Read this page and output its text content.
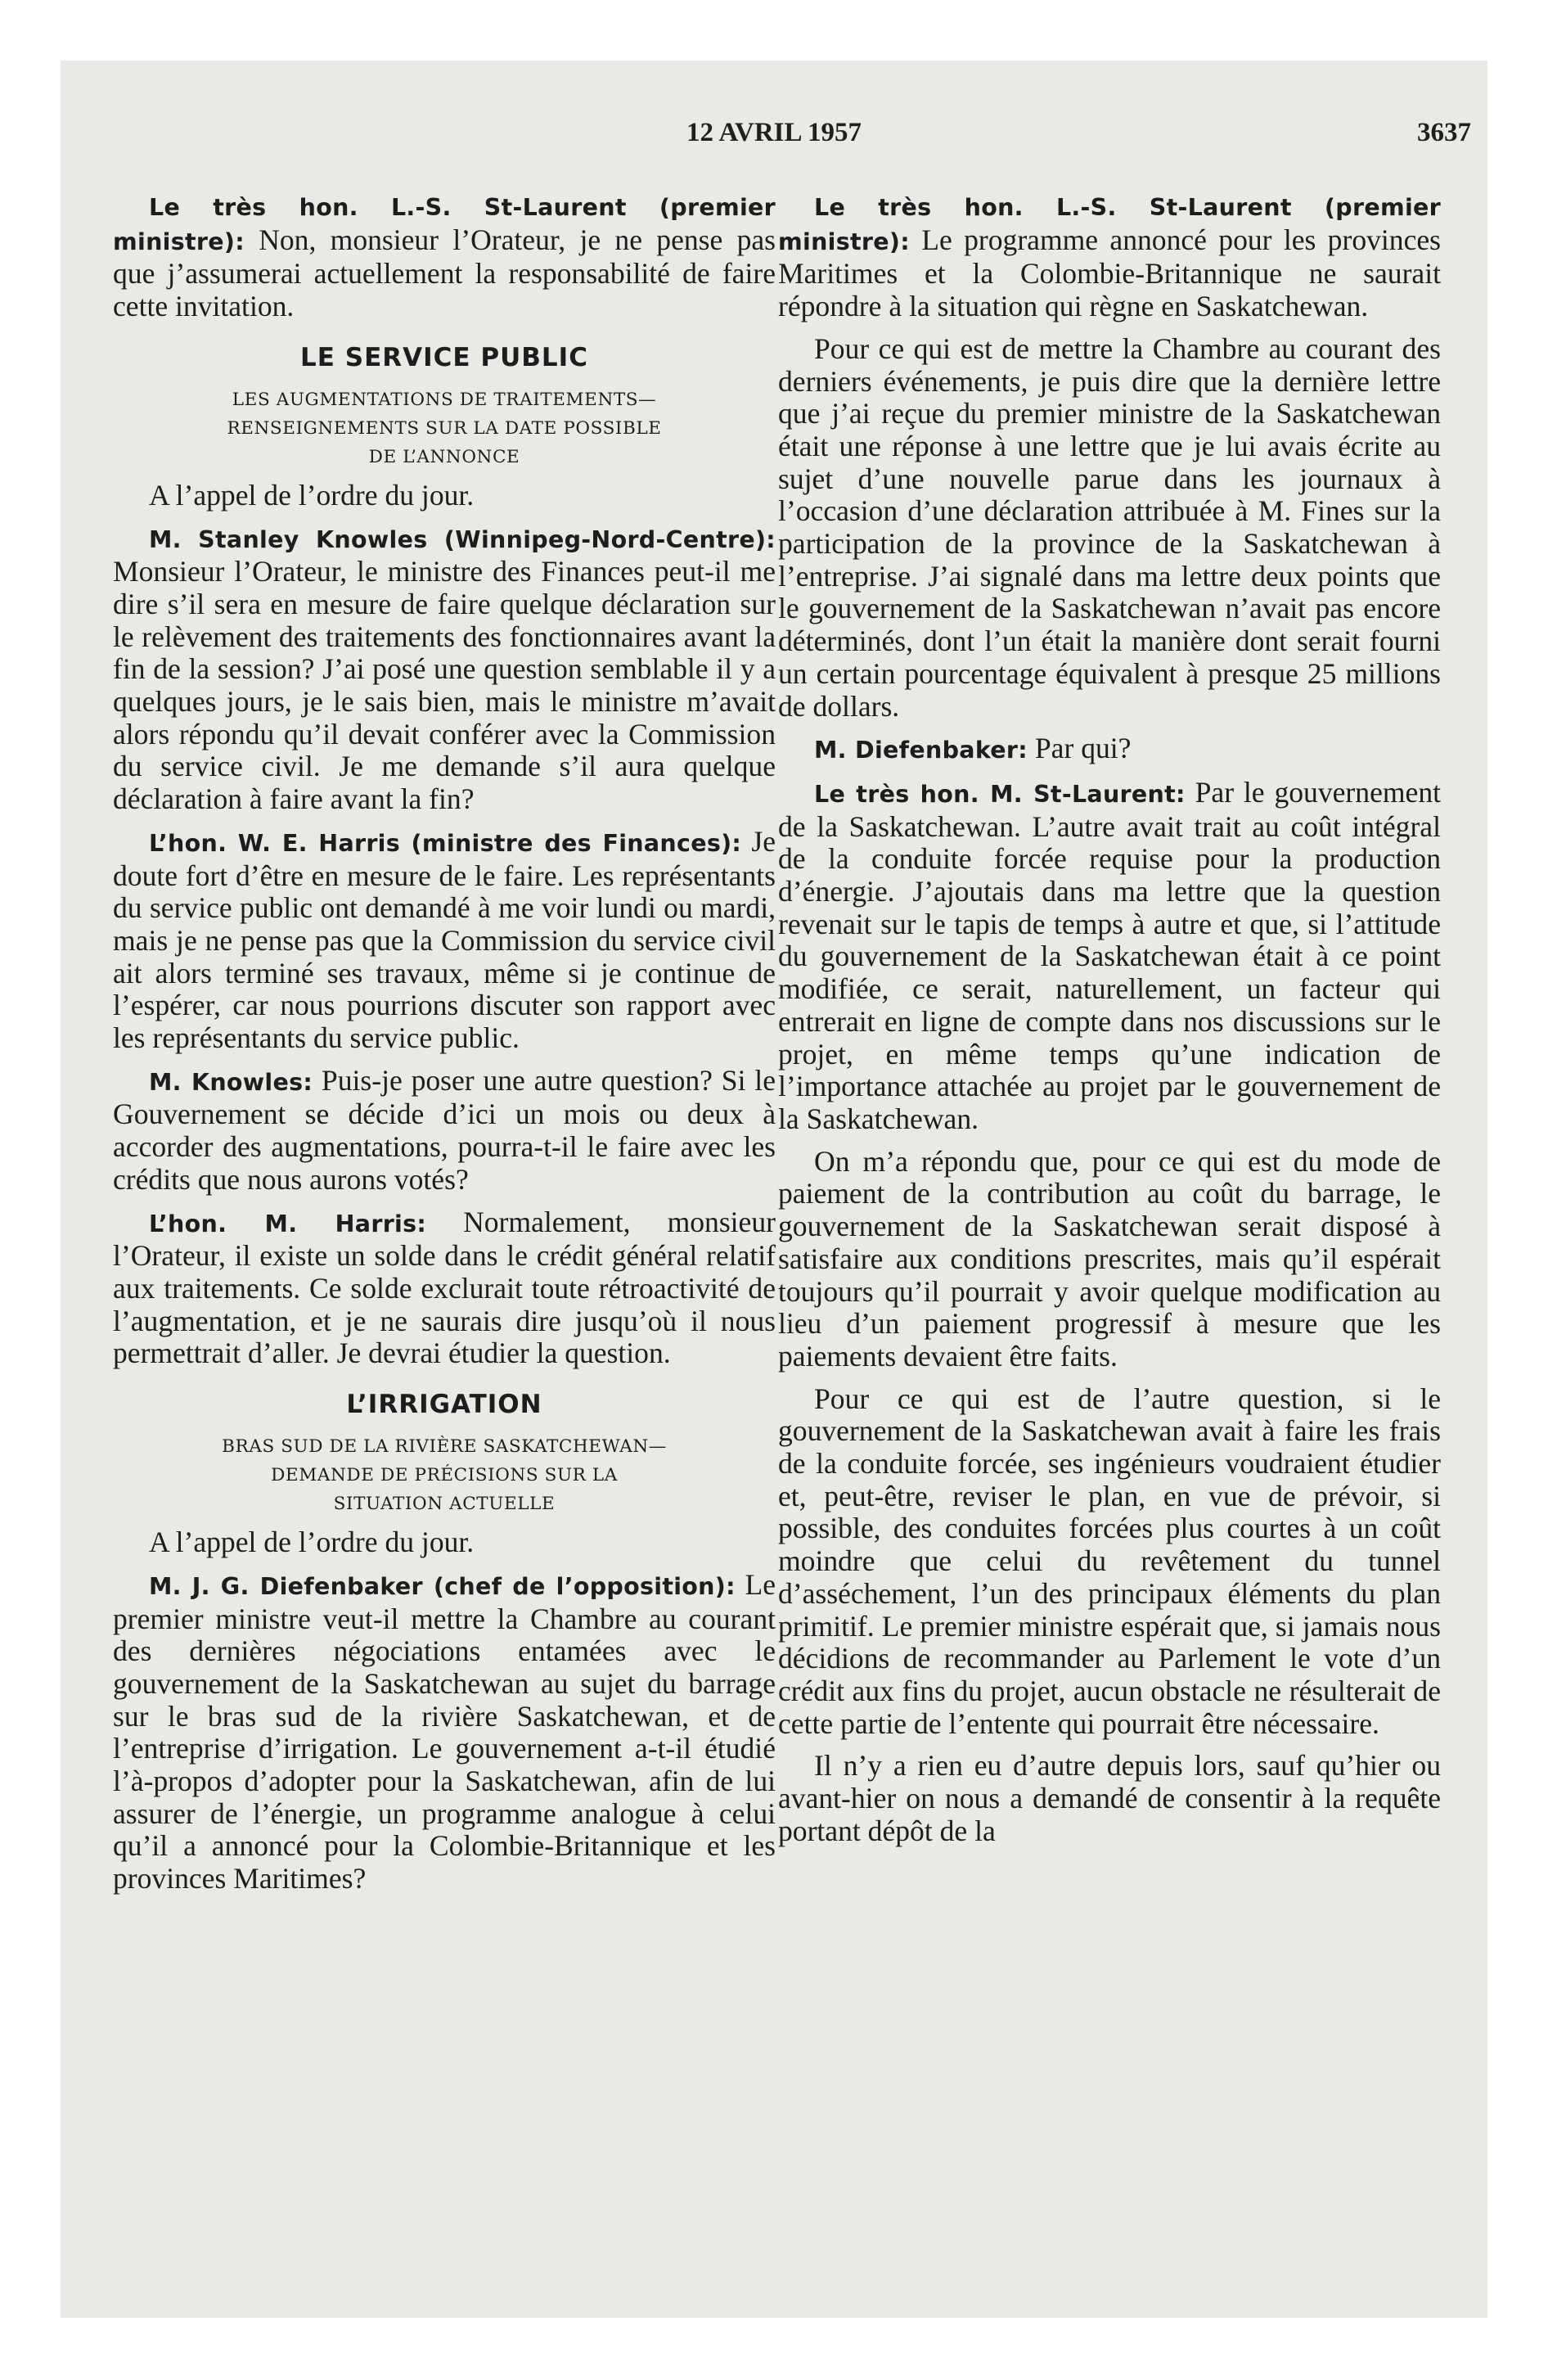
12 AVRIL 1957	3637

Le très hon. L.-S. St-Laurent (premier ministre): Non, monsieur l’Orateur, je ne pense pas que j’assumerai actuellement la responsabilité de faire cette invitation.

LE SERVICE PUBLIC
LES AUGMENTATIONS DE TRAITEMENTS—
RENSEIGNEMENTS SUR LA DATE POSSIBLE
DE L’ANNONCE

A l’appel de l’ordre du jour.

M. Stanley Knowles (Winnipeg-Nord-Centre): Monsieur l’Orateur, le ministre des Finances peut-il me dire s’il sera en mesure de faire quelque déclaration sur le relèvement des traitements des fonctionnaires avant la fin de la session? J’ai posé une question semblable il y a quelques jours, je le sais bien, mais le ministre m’avait alors répondu qu’il devait conférer avec la Commission du service civil. Je me demande s’il aura quelque déclaration à faire avant la fin?

L’hon. W. E. Harris (ministre des Finances): Je doute fort d’être en mesure de le faire. Les représentants du service public ont demandé à me voir lundi ou mardi, mais je ne pense pas que la Commission du service civil ait alors terminé ses travaux, même si je continue de l’espérer, car nous pourrions discuter son rapport avec les représentants du service public.

M. Knowles: Puis-je poser une autre question? Si le Gouvernement se décide d’ici un mois ou deux à accorder des augmentations, pourra-t-il le faire avec les crédits que nous aurons votés?

L’hon. M. Harris: Normalement, monsieur l’Orateur, il existe un solde dans le crédit général relatif aux traitements. Ce solde exclurait toute rétroactivité de l’augmentation, et je ne saurais dire jusqu’où il nous permettrait d’aller. Je devrai étudier la question.

L’IRRIGATION
BRAS SUD DE LA RIVIÈRE SASKATCHEWAN—
DEMANDE DE PRÉCISIONS SUR LA
SITUATION ACTUELLE

A l’appel de l’ordre du jour.

M. J. G. Diefenbaker (chef de l’opposition): Le premier ministre veut-il mettre la Chambre au courant des dernières négociations entamées avec le gouvernement de la Saskatchewan au sujet du barrage sur le bras sud de la rivière Saskatchewan, et de l’entreprise d’irrigation. Le gouvernement a-t-il étudié l’à-propos d’adopter pour la Saskatchewan, afin de lui assurer de l’énergie, un programme analogue à celui qu’il a annoncé pour la Colombie-Britannique et les provinces Maritimes?

Le très hon. L.-S. St-Laurent (premier ministre): Le programme annoncé pour les provinces Maritimes et la Colombie-Britannique ne saurait répondre à la situation qui règne en Saskatchewan.

Pour ce qui est de mettre la Chambre au courant des derniers événements, je puis dire que la dernière lettre que j’ai reçue du premier ministre de la Saskatchewan était une réponse à une lettre que je lui avais écrite au sujet d’une nouvelle parue dans les journaux à l’occasion d’une déclaration attribuée à M. Fines sur la participation de la province de la Saskatchewan à l’entreprise. J’ai signalé dans ma lettre deux points que le gouvernement de la Saskatchewan n’avait pas encore déterminés, dont l’un était la manière dont serait fourni un certain pourcentage équivalent à presque 25 millions de dollars.

M. Diefenbaker: Par qui?

Le très hon. M. St-Laurent: Par le gouvernement de la Saskatchewan. L’autre avait trait au coût intégral de la conduite forcée requise pour la production d’énergie. J’ajoutais dans ma lettre que la question revenait sur le tapis de temps à autre et que, si l’attitude du gouvernement de la Saskatchewan était à ce point modifiée, ce serait, naturellement, un facteur qui entrerait en ligne de compte dans nos discussions sur le projet, en même temps qu’une indication de l’importance attachée au projet par le gouvernement de la Saskatchewan.

On m’a répondu que, pour ce qui est du mode de paiement de la contribution au coût du barrage, le gouvernement de la Saskatchewan serait disposé à satisfaire aux conditions prescrites, mais qu’il espérait toujours qu’il pourrait y avoir quelque modification au lieu d’un paiement progressif à mesure que les paiements devaient être faits.

Pour ce qui est de l’autre question, si le gouvernement de la Saskatchewan avait à faire les frais de la conduite forcée, ses ingénieurs voudraient étudier et, peut-être, reviser le plan, en vue de prévoir, si possible, des conduites forcées plus courtes à un coût moindre que celui du revêtement du tunnel d’asséchement, l’un des principaux éléments du plan primitif. Le premier ministre espérait que, si jamais nous décidions de recommander au Parlement le vote d’un crédit aux fins du projet, aucun obstacle ne résulterait de cette partie de l’entente qui pourrait être nécessaire.

Il n’y a rien eu d’autre depuis lors, sauf qu’hier ou avant-hier on nous a demandé de consentir à la requête portant dépôt de la
